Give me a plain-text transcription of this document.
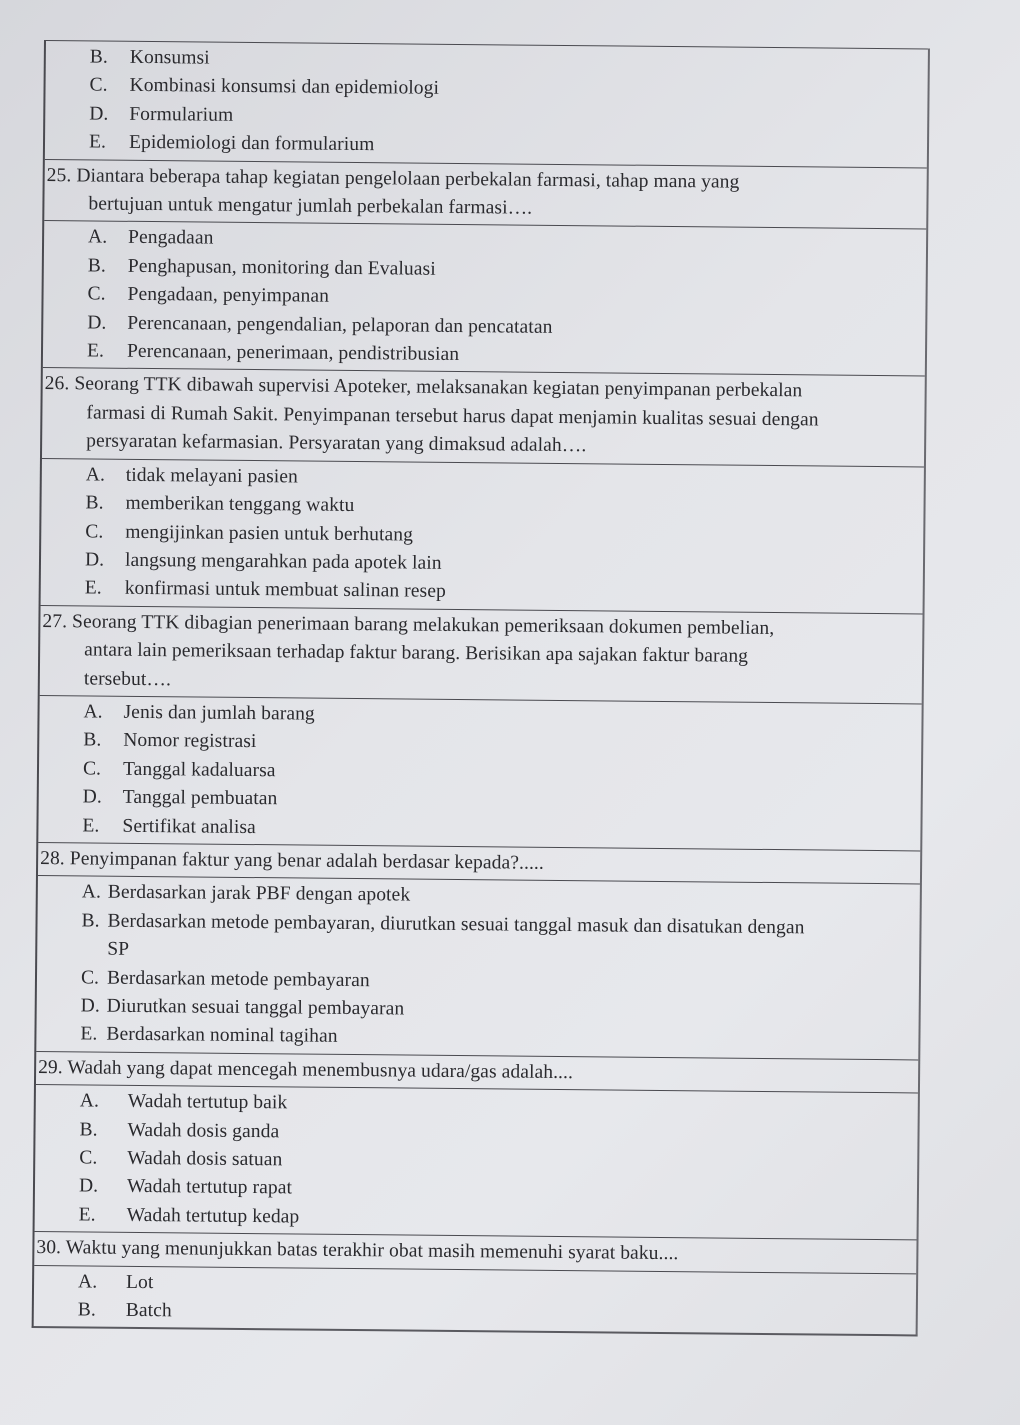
B.	Konsumsi
C.	Kombinasi konsumsi dan epidemiologi
D.	Formularium
E.	Epidemiologi dan formularium
25. Diantara beberapa tahap kegiatan pengelolaan perbekalan farmasi, tahap mana yang
bertujuan untuk mengatur jumlah perbekalan farmasi….
A.	Pengadaan
B.	Penghapusan, monitoring dan Evaluasi
C.	Pengadaan, penyimpanan
D.	Perencanaan, pengendalian, pelaporan dan pencatatan
E.	Perencanaan, penerimaan, pendistribusian
26. Seorang TTK dibawah supervisi Apoteker, melaksanakan kegiatan penyimpanan perbekalan
farmasi di Rumah Sakit. Penyimpanan tersebut harus dapat menjamin kualitas sesuai dengan
persyaratan kefarmasian. Persyaratan yang dimaksud adalah….
A.	tidak melayani pasien
B.	memberikan tenggang waktu
C.	mengijinkan pasien untuk berhutang
D.	langsung mengarahkan pada apotek lain
E.	konfirmasi untuk membuat salinan resep
27. Seorang TTK dibagian penerimaan barang melakukan pemeriksaan dokumen pembelian,
antara lain pemeriksaan terhadap faktur barang. Berisikan apa sajakan faktur barang
tersebut….
A.	Jenis dan jumlah barang
B.	Nomor registrasi
C.	Tanggal kadaluarsa
D.	Tanggal pembuatan
E.	Sertifikat analisa
28. Penyimpanan faktur yang benar adalah berdasar kepada?.....
A. Berdasarkan jarak PBF dengan apotek
B. Berdasarkan metode pembayaran, diurutkan sesuai tanggal masuk dan disatukan dengan
SP
C. Berdasarkan metode pembayaran
D. Diurutkan sesuai tanggal pembayaran
E. Berdasarkan nominal tagihan
29. Wadah yang dapat mencegah menembusnya udara/gas adalah....
A.	Wadah tertutup baik
B.	Wadah dosis ganda
C.	Wadah dosis satuan
D.	Wadah tertutup rapat
E.	Wadah tertutup kedap
30. Waktu yang menunjukkan batas terakhir obat masih memenuhi syarat baku....
A.	Lot
B.	Batch
